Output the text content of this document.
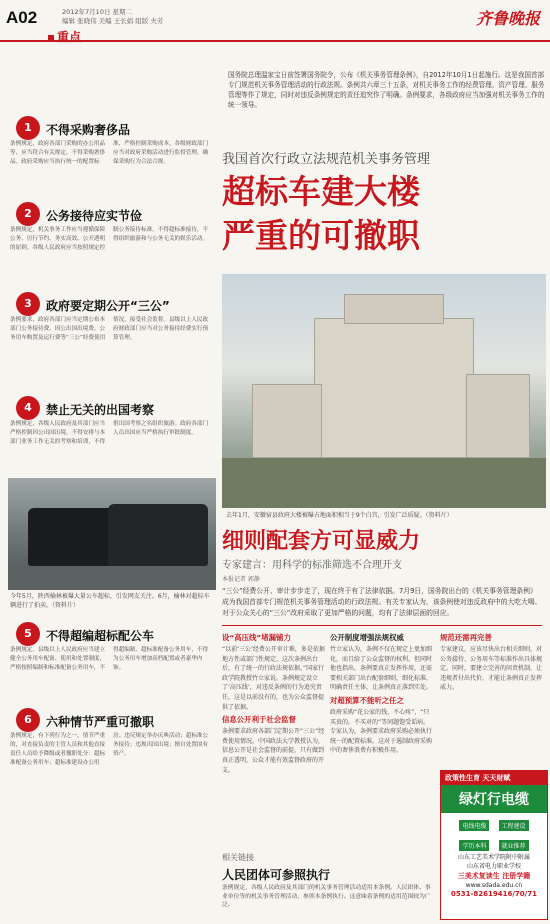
A02	2012年7月10日 星期二
编辑 张晓伟 美编 王长娟 组版 夫芳
重点
齐鲁晚报
国务院总理温家宝日前签署国务院令，公布《机关事务管理条例》，自2012年10月1日起施行。这是我国首部专门规范机关事务管理活动的行政法规。条例共六章三十五条，对机关事务工作的经费管理、资产管理、服务管理等作了规定，同时对违反条例规定的责任追究作了明确。条例要求，各级政府应当加强对机关事务工作的统一领导。
我国首次行政立法规范机关事务管理
超标车建大楼
严重的可撤职
去年1月，安徽宿县政府大楼被曝占地面积相当于9个白宫，引发广泛质疑。（资料片）
细则配套方可显威力
专家建言：用科学的标准筛选不合理开支
本报记者 郭静
“三公”经费公开、审计步步走了，现在终于有了法律依据。7月9日，国务院出台的《机关事务管理条例》成为我国首部专门规范机关事务管理活动的行政法规。有关专家认为，该条例使对违反政府中的大吃大喝、对于公众关心的“三公”改府采取了更加严格的问题，均有了法律层面的回应。
1	不得采购奢侈品
条例规定，政府各部门采购的办公用品等，应当符合有关规定，不得采购奢侈品。政府采购应当执行统一的配置标准，严格控制采购成本。各级财政部门应当对政府采购活动进行监督管理，确保采购行为合法合规。
2	公务接待应实节俭
条例规定，机关事务工作应当遵循保障公务、厉行节约、务实高效、公开透明的原则。各级人民政府应当按照规定控制公务接待标准，不得超标准接待，不得组织旅游和与公务无关的娱乐活动。
3	政府要定期公开“三公”
条例要求，政府各部门应当定期公布本部门公务接待费、因公出国出境费、公务用车购置及运行费等“三公”经费使用情况，接受社会监督。县级以上人民政府财政部门应当对公务接待经费实行预算管理。
4	禁止无关的出国考察
条例规定，各级人民政府及其部门应当严格控制因公出国出境，不得安排与本部门业务工作无关的考察和培训，不得借出国考察之名组织旅游。政府各部门人员出国应当严格执行审批制度。
今年5月，陕西榆林被爆大量公车超标，引发网友关注。6月，榆林对超标车辆进行了拍卖。（资料片）
5	不得超编超标配公车
条例规定，县级以上人民政府应当建立健全公务用车配备、使用和处置制度，严格按照编制和标准配备公务用车，不得超编制、超标准配备公务用车，不得为公务用车增加高档配置或者豪华内饰。
6	六种情节严重可撤职
条例规定，有下列行为之一，情节严重的，对直接负责的主管人员和其他直接责任人员给予降级或者撤职处分：超标准配备公务用车；超标准建设办公用房；违反规定举办庆典活动；超标准公务接待；违规出国出境；擅自处置国有资产。
设“高压线”堵漏铺力
“以前‘三公’经费公开审计难，多是依据地方性或部门性规定，这次条例出台后，有了统一的行政法规依据。”国家行政学院教授竹立家说。条例规定设立了‘高压线’，对违反条例的行为追究责任，这是以前没有的，也为公众监督提供了依据。
信息公开利于社会监督
条例要求政府各部门定期公开“三公”经费使用情况。中国政法大学教授认为，信息公开是社会监督的前提，只有做到真正透明，公众才能有效监督政府的开支。
公开制度增强法规权威
竹立家认为，条例不仅在规定上更加细化，而且给了公众监督的权利。但同时他也指出，条例要真正发挥作用，还需要相关部门出台配套细则，细化标准，明确责任主体，让条例真正落到实处。
对超预算不能听之任之
政府采购“花公家的钱，不心疼”，“只买贵的，不买对的”等问题饱受诟病。专家认为，条例要求政府采购必须执行统一的配置标准，这对于遏制政府采购中的奢侈浪费有积极作用。
规范还需再完善
专家建议，应该尽快出台相关细则，对公务接待、公务用车等标准作出具体规定。同时，要建立完善的问责机制，让违规者付出代价，才能让条例真正发挥威力。
相关链接
人民团体可参照执行
条例规定，各级人民政府及其部门的机关事务管理活动适用本条例。人民团体、事业单位等的机关事务管理活动，参照本条例执行。这意味着条例的适用范围较为广泛。
政策性生育 天天财赋
绿灯行电缆
电线电缆	工程建设 学历本科	就业推荐
山东工艺美术学院附中附属
山东省电力职业学校
三美术复读生 注册学籍
www.sdada.edu.cn
0531-82619416/70/71
